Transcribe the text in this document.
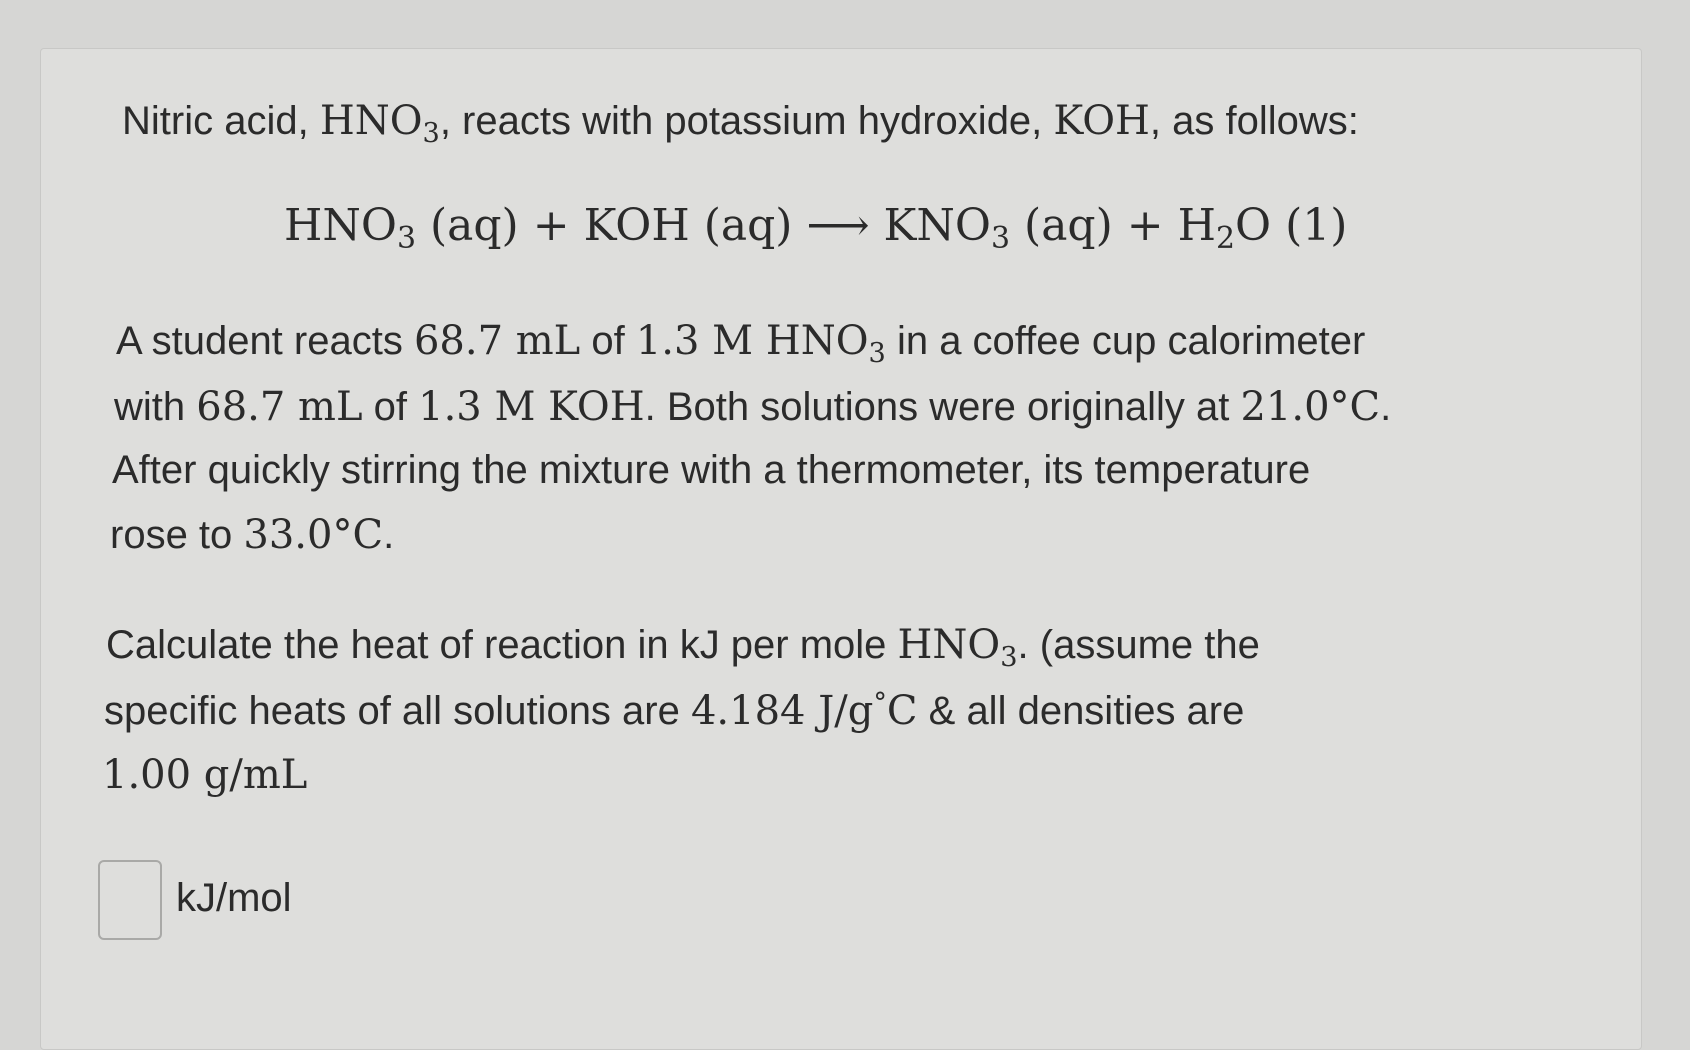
Nitric acid, HNO3, reacts with potassium hydroxide, KOH, as follows:
HNO3 (aq) + KOH (aq) ⟶ KNO3 (aq) + H2O (1)
A student reacts 68.7 mL of 1.3 M HNO3 in a coffee cup calorimeter
with 68.7 mL of 1.3 M KOH. Both solutions were originally at 21.0°C.
After quickly stirring the mixture with a thermometer, its temperature
rose to 33.0°C.
Calculate the heat of reaction in kJ per mole HNO3. (assume the
specific heats of all solutions are 4.184 J/g°C & all densities are
1.00 g/mL
kJ/mol
